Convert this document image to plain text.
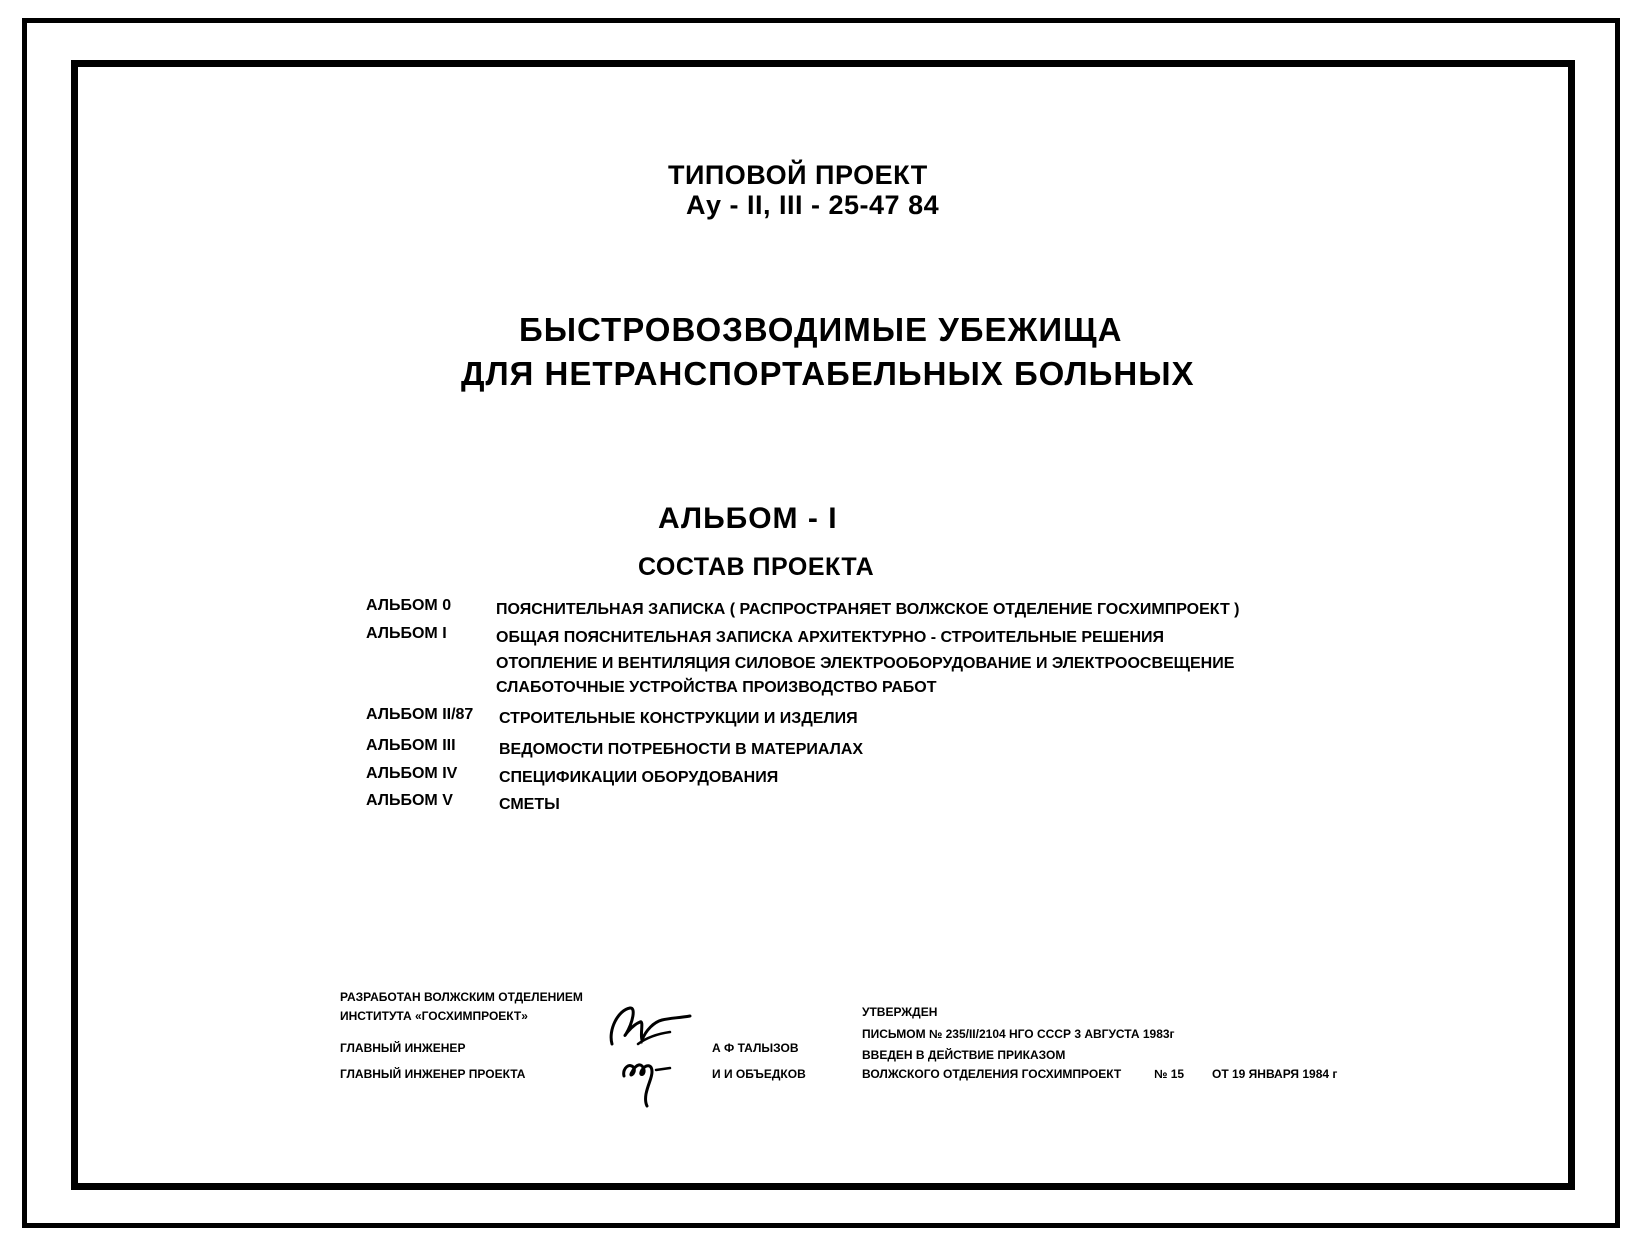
ТИПОВОЙ ПРОЕКТ
Ау - II, III - 25-47 84
БЫСТРОВОЗВОДИМЫЕ УБЕЖИЩА
ДЛЯ НЕТРАНСПОРТАБЕЛЬНЫХ БОЛЬНЫХ
АЛЬБОМ - I
СОСТАВ ПРОЕКТА
АЛЬБОМ 0	ПОЯСНИТЕЛЬНАЯ ЗАПИСКА ( РАСПРОСТРАНЯЕТ ВОЛЖСКОЕ ОТДЕЛЕНИЕ ГОСХИМПРОЕКТ )
АЛЬБОМ I	ОБЩАЯ ПОЯСНИТЕЛЬНАЯ ЗАПИСКА АРХИТЕКТУРНО - СТРОИТЕЛЬНЫЕ РЕШЕНИЯ
ОТОПЛЕНИЕ И ВЕНТИЛЯЦИЯ СИЛОВОЕ ЭЛЕКТРООБОРУДОВАНИЕ И ЭЛЕКТРООСВЕЩЕНИЕ
СЛАБОТОЧНЫЕ УСТРОЙСТВА ПРОИЗВОДСТВО РАБОТ
АЛЬБОМ II/87 СТРОИТЕЛЬНЫЕ КОНСТРУКЦИИ И ИЗДЕЛИЯ
АЛЬБОМ III	ВЕДОМОСТИ ПОТРЕБНОСТИ В МАТЕРИАЛАХ
АЛЬБОМ IV	СПЕЦИФИКАЦИИ ОБОРУДОВАНИЯ
АЛЬБОМ V	СМЕТЫ
РАЗРАБОТАН ВОЛЖСКИМ ОТДЕЛЕНИЕМ
ИНСТИТУТА «ГОСХИМПРОЕКТ»
ГЛАВНЫЙ ИНЖЕНЕР
ГЛАВНЫЙ ИНЖЕНЕР ПРОЕКТА
А Ф ТАЛЫЗОВ
И И ОБЪЕДКОВ
УТВЕРЖДЕН
ПИСЬМОМ № 235/II/2104 НГО СССР 3 АВГУСТА 1983г
ВВЕДЕН В ДЕЙСТВИЕ ПРИКАЗОМ
ВОЛЖСКОГО ОТДЕЛЕНИЯ ГОСХИМПРОЕКТ	№ 15 ОТ 19 ЯНВАРЯ 1984 г
